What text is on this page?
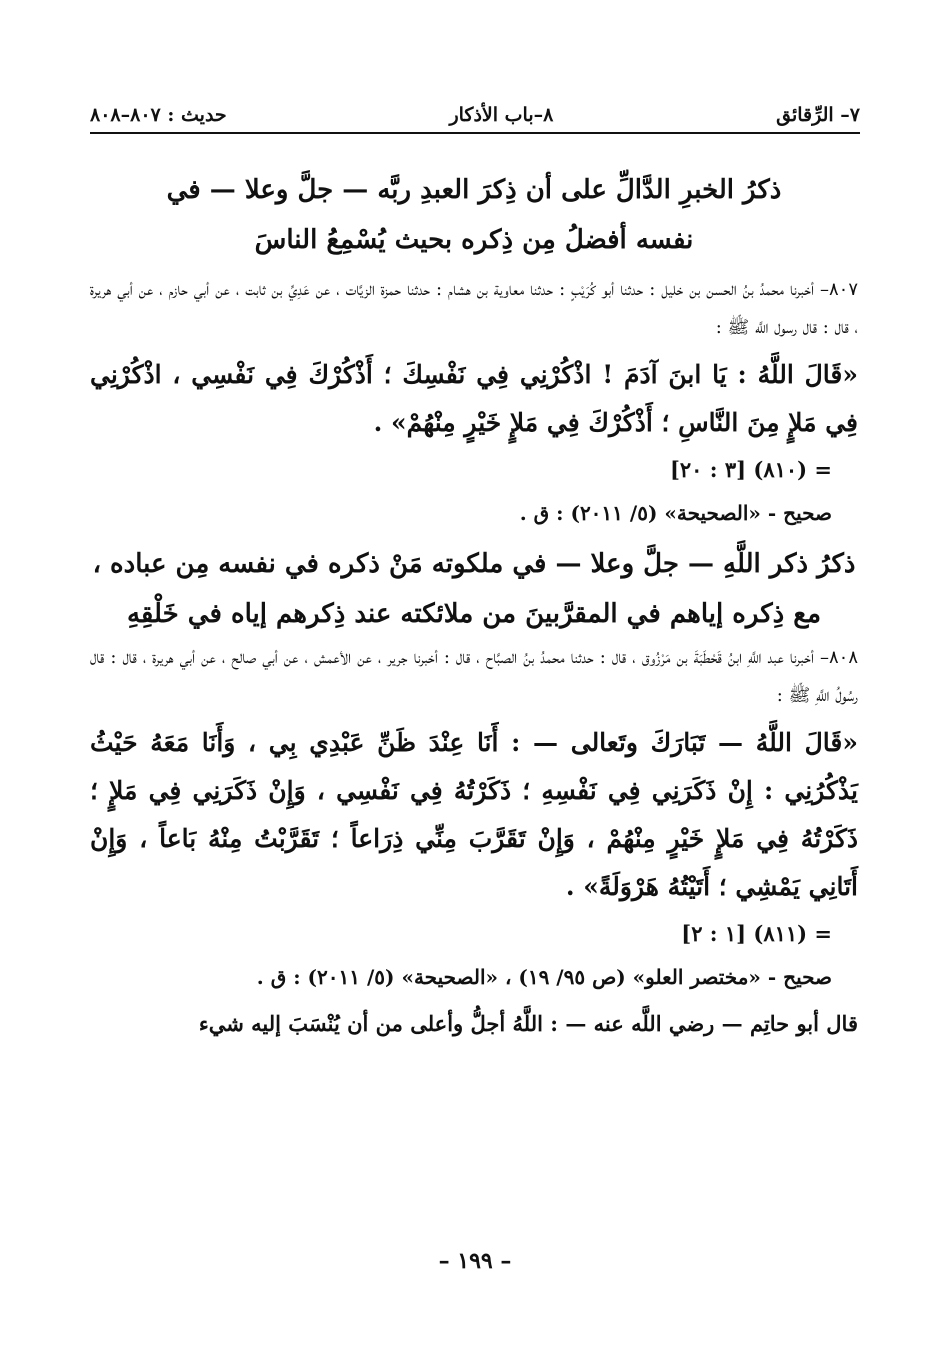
٧– الرِّقائق
٨–باب الأذكار
حديث : ٨٠٧–٨٠٨
ذكرُ الخبرِ الدَّالِّ على أن ذِكرَ العبدِ ربَّه — جلَّ وعلا — في
نفسه أفضلُ مِن ذِكره بحيث يُسْمِعُ الناسَ

٨٠٧– أخبرنا محمدُ بنُ الحسن بن خليل : حدثنا أبو كُرَيْبٍ : حدثنا معاوية بن هشام : حدثنا حمزة الزيَّات ، عن عَدِيِّ بن ثابت ، عن أبي حازم ، عن أبي هريرة ، قال : قال رسول اللَّه ﷺ :

«قَالَ اللَّهُ : يَا ابنَ آدَمَ ! اذْكُرْنِي فِي نَفْسِكَ ؛ أَذْكُرْكَ فِي نَفْسِي ، اذْكُرْنِي فِي مَلإٍ مِنَ النَّاسِ ؛ أَذْكُرْكَ فِي مَلإٍ خَيْرٍ مِنْهُمْ» .

= (٨١٠) [٣ : ٢٠]

صحيح - «الصحيحة» (٥/ ٢٠١١) : ق .

ذكرُ ذكر اللَّهِ — جلَّ وعلا — في ملكوته مَنْ ذكره في نفسه مِن عباده ،
مع ذِكره إياهم في المقرَّبينَ من ملائكته عند ذِكرهم إياه في خَلْقِهِ

٨٠٨– أخبرنا عبد اللَّهِ ابنُ قَحْطَبَةَ بن مَرْزُوق ، قال : حدثنا محمدُ بنُ الصبَّاح ، قال : أخبرنا جرير ، عن الأعمش ، عن أبي صالح ، عن أبي هريرة ، قال : قال رسُولُ اللَّهِ ﷺ :

«قَالَ اللَّهُ — تَبَارَكَ وتَعالى — : أَنَا عِنْدَ ظَنِّ عَبْدِي بِي ، وَأَنَا مَعَهُ حَيْثُ يَذْكُرُنِي : إِنْ ذَكَرَنِي فِي نَفْسِهِ ؛ ذَكَرْتُهُ فِي نَفْسِي ، وَإِنْ ذَكَرَنِي فِي مَلإٍ ؛ ذَكَرْتُهُ فِي مَلإٍ خَيْرٍ مِنْهُمْ ، وَإِنْ تَقَرَّبَ مِنِّي ذِرَاعاً ؛ تَقَرَّبْتُ مِنْهُ بَاعاً ، وَإِنْ أَتَانِي يَمْشِي ؛ أَتَيْتُهُ هَرْوَلَةً» .

= (٨١١) [١ : ٢]

صحيح - «مختصر العلو» (ص ٩٥/ ١٩) ، «الصحيحة» (٥/ ٢٠١١) : ق .

قال أبو حاتِم — رضي اللَّه عنه — : اللَّهُ أجلُّ وأعلى من أن يُنْسَبَ إليه شيء

– ١٩٩ –
